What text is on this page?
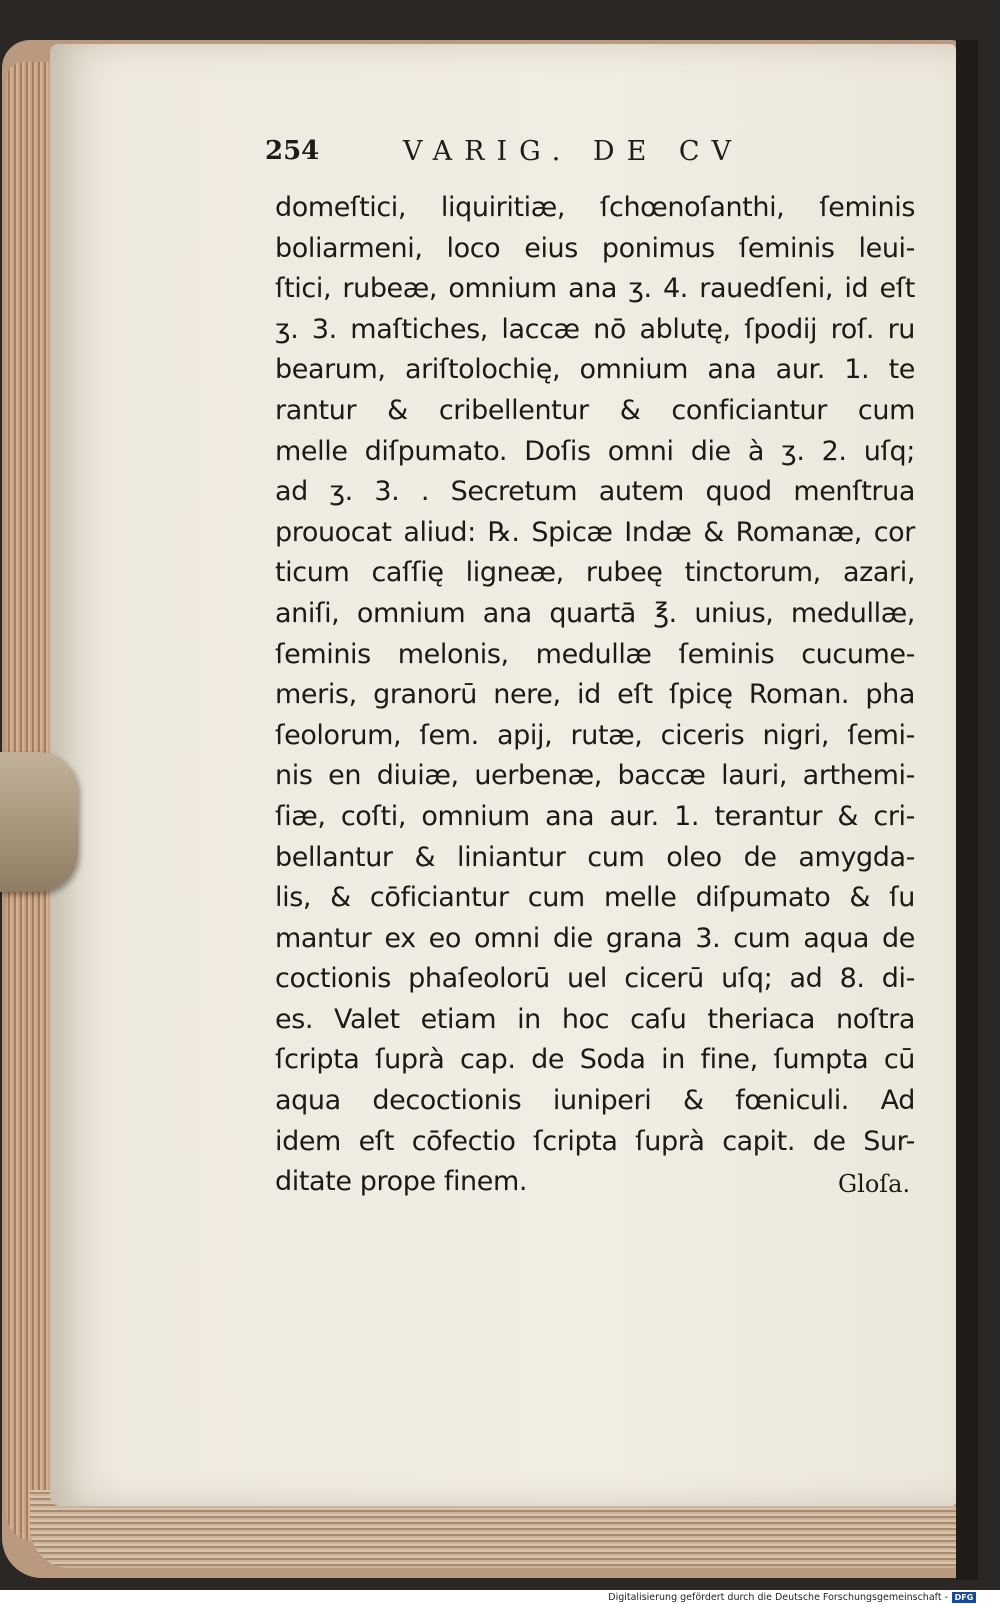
254	VARIG. DE CV
domeſtici, liquiritiæ, ſchœnoſanthi, ſeminis
boliarmeni, loco eius ponimus ſeminis leui-
ſtici, rubeæ, omnium ana ʒ. 4. rauedſeni, id eſt
ʒ. 3. maſtiches, laccæ nō ablutę, ſpodij roſ. ru
bearum, ariſtolochię, omnium ana aur. 1. te
rantur & cribellentur & conficiantur cum
melle diſpumato. Doſis omni die à ʒ. 2. uſq;
ad ʒ. 3. . Secretum autem quod menſtrua
prouocat aliud: ℞. Spicæ Indæ & Romanæ, cor
ticum caſſię ligneæ, rubeę tinctorum, azari,
aniſi, omnium ana quartā ℥. unius, medullæ,
ſeminis melonis, medullæ ſeminis cucume-
meris, granorū nere, id eſt ſpicę Roman. pha
ſeolorum, ſem. apij, rutæ, ciceris nigri, ſemi-
nis en diuiæ, uerbenæ, baccæ lauri, arthemi-
ſiæ, coſti, omnium ana aur. 1. terantur & cri-
bellantur & liniantur cum oleo de amygda-
lis, & cōficiantur cum melle diſpumato & ſu
mantur ex eo omni die grana 3. cum aqua de
coctionis phaſeolorū uel cicerū uſq; ad 8. di-
es. Valet etiam in hoc caſu theriaca noſtra
ſcripta ſuprà cap. de Soda in fine, ſumpta cū
aqua decoctionis iuniperi & fœniculi. Ad
idem eſt cōfectio ſcripta ſuprà capit. de Sur-
ditate prope finem.	Gloſa.
Digitalisierung gefördert durch die Deutsche Forschungsgemeinschaft - DFG
